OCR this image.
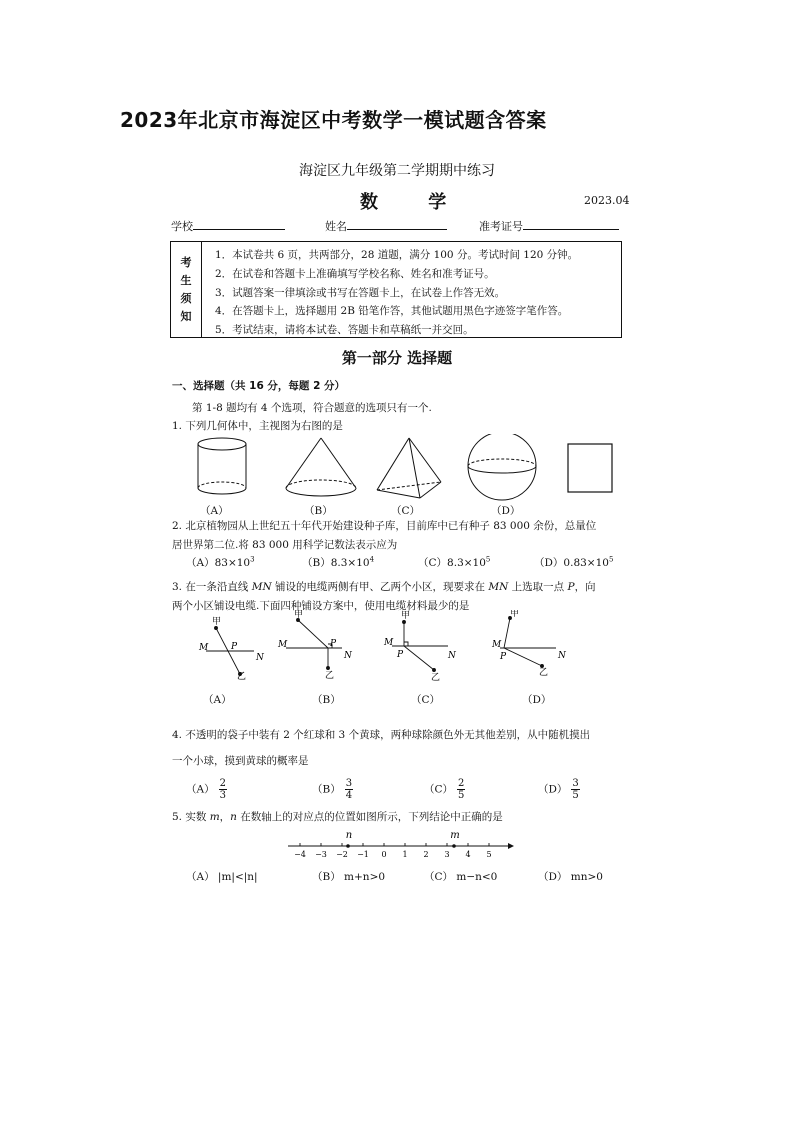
2023年北京市海淀区中考数学一模试题含答案
海淀区九年级第二学期期中练习
数 学	2023.04
学校	姓名	准考证号
考
生
须
知
1．本试卷共 6 页，共两部分，28 道题，满分 100 分。考试时间 120 分钟。
2．在试卷和答题卡上准确填写学校名称、姓名和准考证号。
3．试题答案一律填涂或书写在答题卡上，在试卷上作答无效。
4．在答题卡上，选择题用 2B 铅笔作答，其他试题用黑色字迹签字笔作答。
5．考试结束，请将本试卷、答题卡和草稿纸一并交回。
第一部分 选择题
一、选择题（共 16 分，每题 2 分）
第 1-8 题均有 4 个选项，符合题意的选项只有一个.
1. 下列几何体中，主视图为右图的是
（A）	（B）	（C）	（D）
2. 北京植物园从上世纪五十年代开始建设种子库，目前库中已有种子 83 000 余份，总量位
居世界第二位.将 83 000 用科学记数法表示应为
$(A)83\times 10^3$	$(B)8.3\times 10^4$	$(C)8.3\times 10^5$	$(D)0.83\times 10^5$
3. 在一条沿直线 MN 铺设的电缆两侧有甲、乙两个小区，现要求在 MN 上选取一点 P，向
两个小区铺设电缆.下面四种铺设方案中，使用电缆材料最少的是
甲
M	P
N
乙
甲
M	P
N
乙
甲
M
P	N
乙
甲
M
P	N
乙
（A）	（B）	（C）	（D）
4. 不透明的袋子中装有 2 个红球和 3 个黄球，两种球除颜色外无其他差别，从中随机摸出
一个小球，摸到黄球的概率是
$(A) \frac{2}{3}$	$(B) \frac{3}{4}$	$(C) \frac{2}{5}$	$(D) \frac{3}{5}$
5. 实数 m，n 在数轴上的对应点的位置如图所示，下列结论中正确的是
−4 −3 −2 −1 0 1 2 3 4 5
n	m
（A） |m|<|n|	（B） m+n>0	（C） m−n<0	（D） mn>0
